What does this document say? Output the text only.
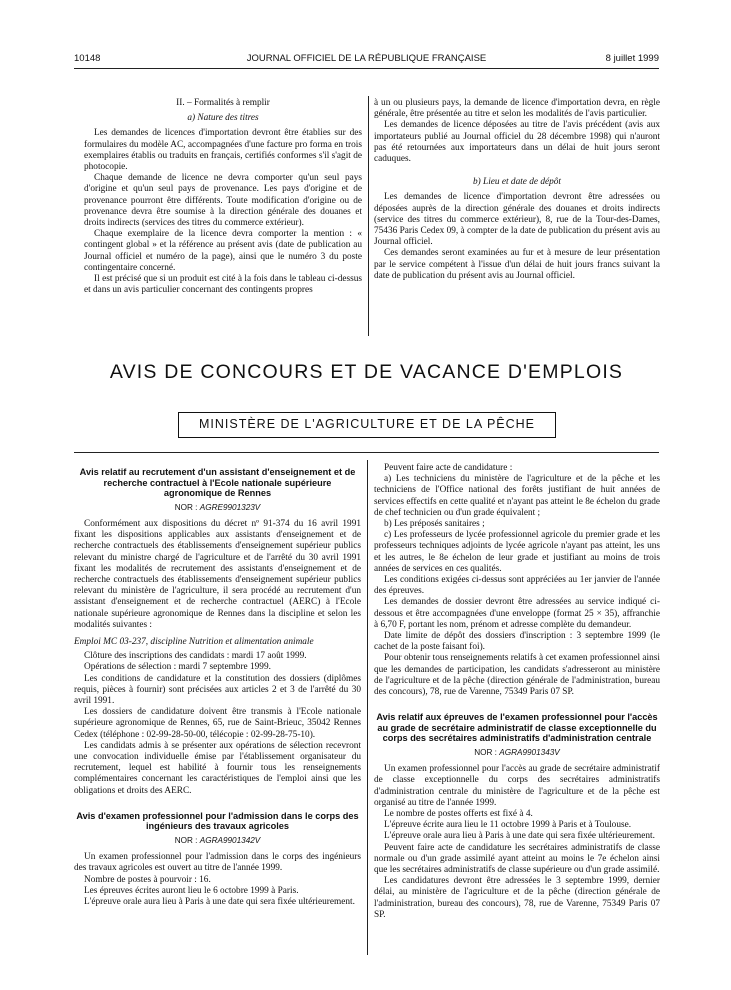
10148	JOURNAL OFFICIEL DE LA RÉPUBLIQUE FRANÇAISE	8 juillet 1999

II. – Formalités à remplir

a) Nature des titres

Les demandes de licences d'importation devront être établies sur des formulaires du modèle AC, accompagnées d'une facture pro forma en trois exemplaires établis ou traduits en français, certifiés conformes s'il s'agit de photocopie.

Chaque demande de licence ne devra comporter qu'un seul pays d'origine et qu'un seul pays de provenance. Les pays d'origine et de provenance pourront être différents. Toute modification d'origine ou de provenance devra être soumise à la direction générale des douanes et droits indirects (services des titres du commerce extérieur).

Chaque exemplaire de la licence devra comporter la mention : « contingent global » et la référence au présent avis (date de publication au Journal officiel et numéro de la page), ainsi que le numéro 3 du poste contingentaire concerné.

Il est précisé que si un produit est cité à la fois dans le tableau ci-dessus et dans un avis particulier concernant des contingents propres

à un ou plusieurs pays, la demande de licence d'importation devra, en règle générale, être présentée au titre et selon les modalités de l'avis particulier.

Les demandes de licence déposées au titre de l'avis précédent (avis aux importateurs publié au Journal officiel du 28 décembre 1998) qui n'auront pas été retournées aux importateurs dans un délai de huit jours seront caduques.

b) Lieu et date de dépôt

Les demandes de licence d'importation devront être adressées ou déposées auprès de la direction générale des douanes et droits indirects (service des titres du commerce extérieur), 8, rue de la Tour-des-Dames, 75436 Paris Cedex 09, à compter de la date de publication du présent avis au Journal officiel.

Ces demandes seront examinées au fur et à mesure de leur présentation par le service compétent à l'issue d'un délai de huit jours francs suivant la date de publication du présent avis au Journal officiel.

AVIS DE CONCOURS ET DE VACANCE D'EMPLOIS
MINISTÈRE DE L'AGRICULTURE ET DE LA PÊCHE

Avis relatif au recrutement d'un assistant d'enseignement et de recherche contractuel à l'Ecole nationale supérieure agronomique de Rennes

NOR : AGRE9901323V

Conformément aux dispositions du décret nº 91-374 du 16 avril 1991 fixant les dispositions applicables aux assistants d'enseignement et de recherche contractuels des établissements d'enseignement supérieur publics relevant du ministre chargé de l'agriculture et de l'arrêté du 30 avril 1991 fixant les modalités de recrutement des assistants d'enseignement et de recherche contractuels des établissements d'enseignement supérieur publics relevant du ministère de l'agriculture, il sera procédé au recrutement d'un assistant d'enseignement et de recherche contractuel (AERC) à l'Ecole nationale supérieure agronomique de Rennes dans la discipline et selon les modalités suivantes :

Emploi MC 03-237, discipline Nutrition et alimentation animale

Clôture des inscriptions des candidats : mardi 17 août 1999.

Opérations de sélection : mardi 7 septembre 1999.

Les conditions de candidature et la constitution des dossiers (diplômes requis, pièces à fournir) sont précisées aux articles 2 et 3 de l'arrêté du 30 avril 1991.

Les dossiers de candidature doivent être transmis à l'Ecole nationale supérieure agronomique de Rennes, 65, rue de Saint-Brieuc, 35042 Rennes Cedex (téléphone : 02-99-28-50-00, télécopie : 02-99-28-75-10).

Les candidats admis à se présenter aux opérations de sélection recevront une convocation individuelle émise par l'établissement organisateur du recrutement, lequel est habilité à fournir tous les renseignements complémentaires concernant les caractéristiques de l'emploi ainsi que les obligations et droits des AERC.

Avis d'examen professionnel pour l'admission dans le corps des ingénieurs des travaux agricoles

NOR : AGRA9901342V

Un examen professionnel pour l'admission dans le corps des ingénieurs des travaux agricoles est ouvert au titre de l'année 1999.

Nombre de postes à pourvoir : 16.

Les épreuves écrites auront lieu le 6 octobre 1999 à Paris.

L'épreuve orale aura lieu à Paris à une date qui sera fixée ultérieurement.

Peuvent faire acte de candidature :

a) Les techniciens du ministère de l'agriculture et de la pêche et les techniciens de l'Office national des forêts justifiant de huit années de services effectifs en cette qualité et n'ayant pas atteint le 8e échelon du grade de chef technicien ou d'un grade équivalent ;

b) Les préposés sanitaires ;

c) Les professeurs de lycée professionnel agricole du premier grade et les professeurs techniques adjoints de lycée agricole n'ayant pas atteint, les uns et les autres, le 8e échelon de leur grade et justifiant au moins de trois années de services en ces qualités.

Les conditions exigées ci-dessus sont appréciées au 1er janvier de l'année des épreuves.

Les demandes de dossier devront être adressées au service indiqué ci-dessous et être accompagnées d'une enveloppe (format 25 × 35), affranchie à 6,70 F, portant les nom, prénom et adresse complète du demandeur.

Date limite de dépôt des dossiers d'inscription : 3 septembre 1999 (le cachet de la poste faisant foi).

Pour obtenir tous renseignements relatifs à cet examen professionnel ainsi que les demandes de participation, les candidats s'adresseront au ministère de l'agriculture et de la pêche (direction générale de l'administration, bureau des concours), 78, rue de Varenne, 75349 Paris 07 SP.

Avis relatif aux épreuves de l'examen professionnel pour l'accès au grade de secrétaire administratif de classe exceptionnelle du corps des secrétaires administratifs d'administration centrale

NOR : AGRA9901343V

Un examen professionnel pour l'accès au grade de secrétaire administratif de classe exceptionnelle du corps des secrétaires administratifs d'administration centrale du ministère de l'agriculture et de la pêche est organisé au titre de l'année 1999.

Le nombre de postes offerts est fixé à 4.

L'épreuve écrite aura lieu le 11 octobre 1999 à Paris et à Toulouse.

L'épreuve orale aura lieu à Paris à une date qui sera fixée ultérieurement.

Peuvent faire acte de candidature les secrétaires administratifs de classe normale ou d'un grade assimilé ayant atteint au moins le 7e échelon ainsi que les secrétaires administratifs de classe supérieure ou d'un grade assimilé.

Les candidatures devront être adressées le 3 septembre 1999, dernier délai, au ministère de l'agriculture et de la pêche (direction générale de l'administration, bureau des concours), 78, rue de Varenne, 75349 Paris 07 SP.
